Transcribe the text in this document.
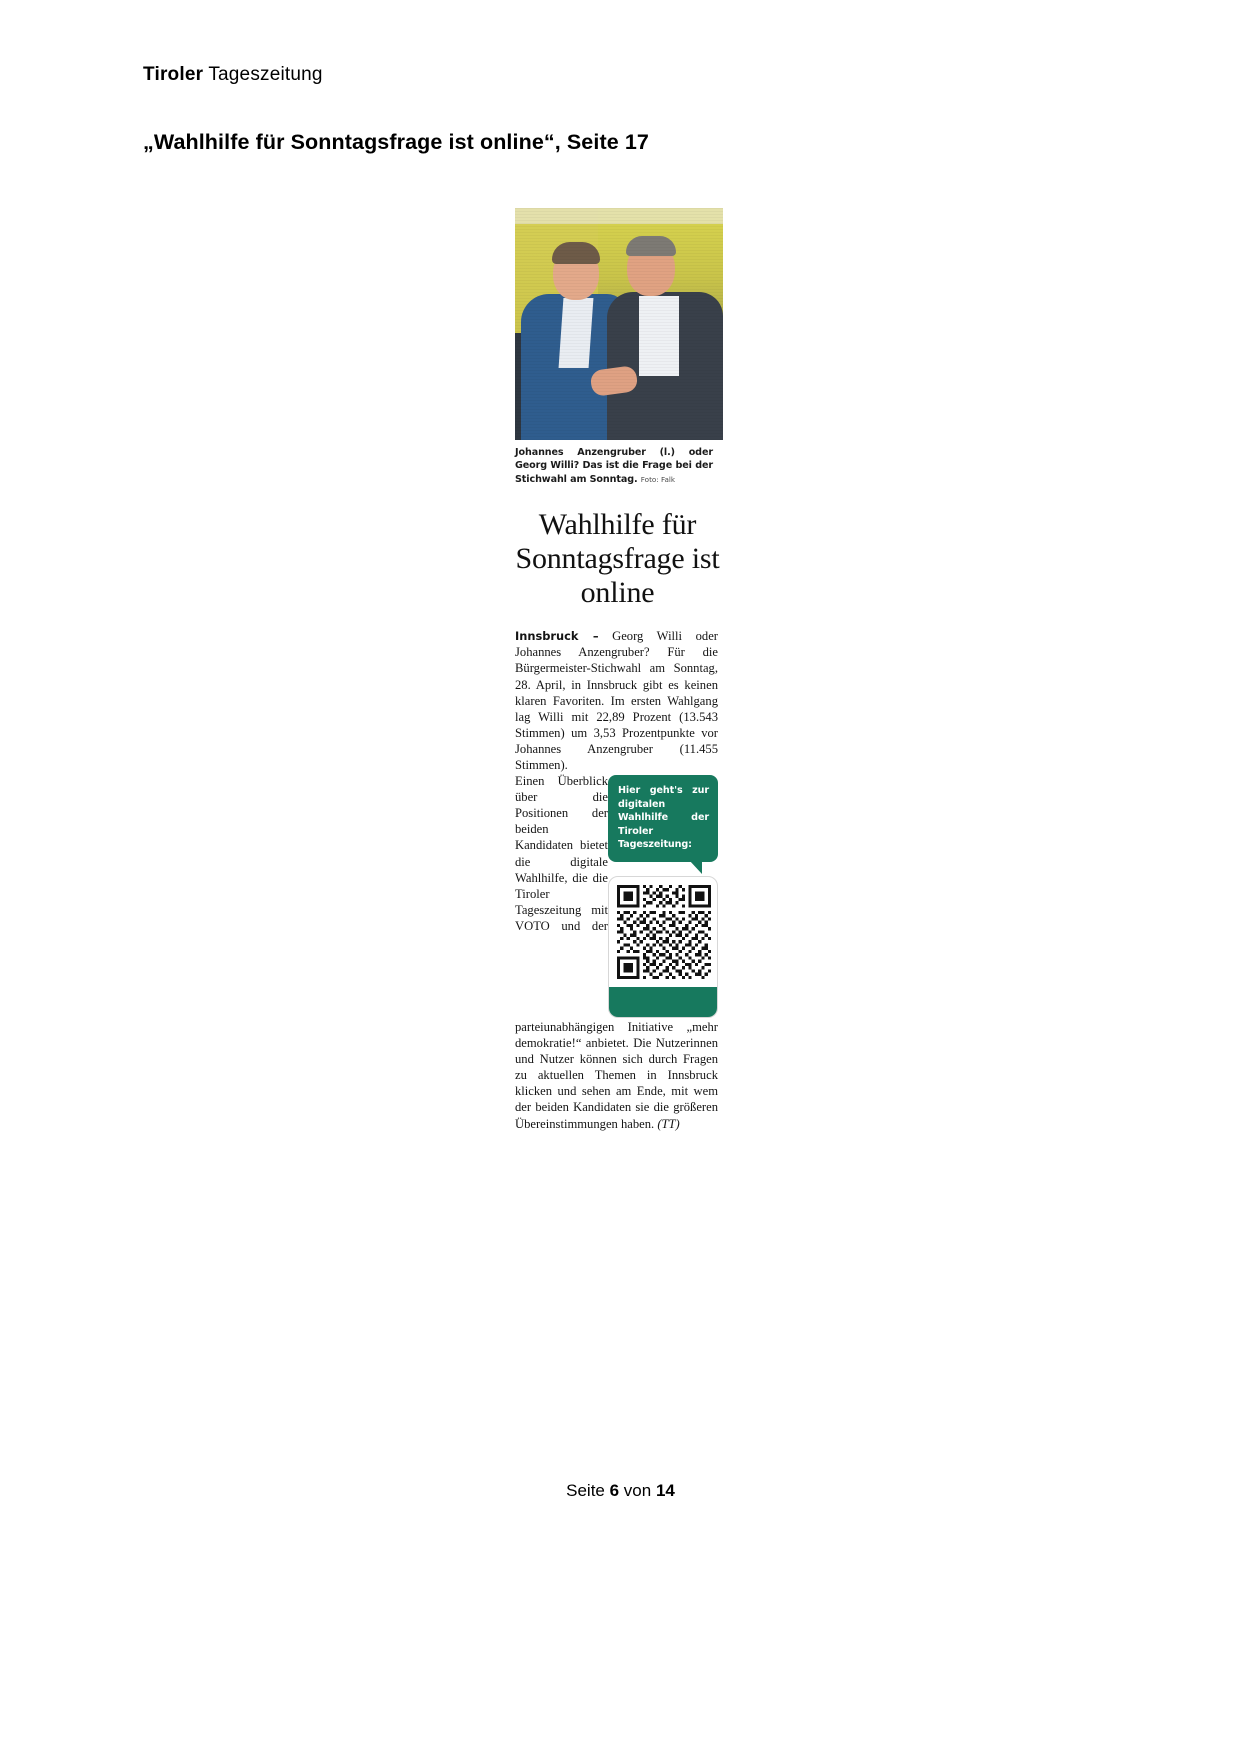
Tiroler Tageszeitung
„Wahlhilfe für Sonntagsfrage ist online“, Seite 17
Johannes Anzengruber (l.) oder Georg Willi? Das ist die Frage bei der Stichwahl am Sonntag. Foto: Falk
Wahlhilfe für Sonntagsfrage ist online

Innsbruck – Georg Willi oder Johannes Anzengruber? Für die Bürgermeister-Stichwahl am Sonntag, 28. April, in Innsbruck gibt es keinen klaren Favoriten. Im ersten Wahlgang lag Willi mit 22,89 Prozent (13.543 Stimmen) um 3,53 Prozentpunkte vor Johannes Anzengruber (11.455 Stimmen).

Hier geht's zur digitalen Wahlhilfe der Tiroler Tageszeitung:

Einen Überblick über die Positionen der beiden Kandidaten bietet die digitale Wahlhilfe, die die Tiroler Tageszeitung mit VOTO und der parteiunabhängigen Initiative „mehr demokratie!“ anbietet. Die Nutzerinnen und Nutzer können sich durch Fragen zu aktuellen Themen in Innsbruck klicken und sehen am Ende, mit wem der beiden Kandidaten sie die größeren Übereinstimmungen haben. (TT)

Seite 6 von 14
